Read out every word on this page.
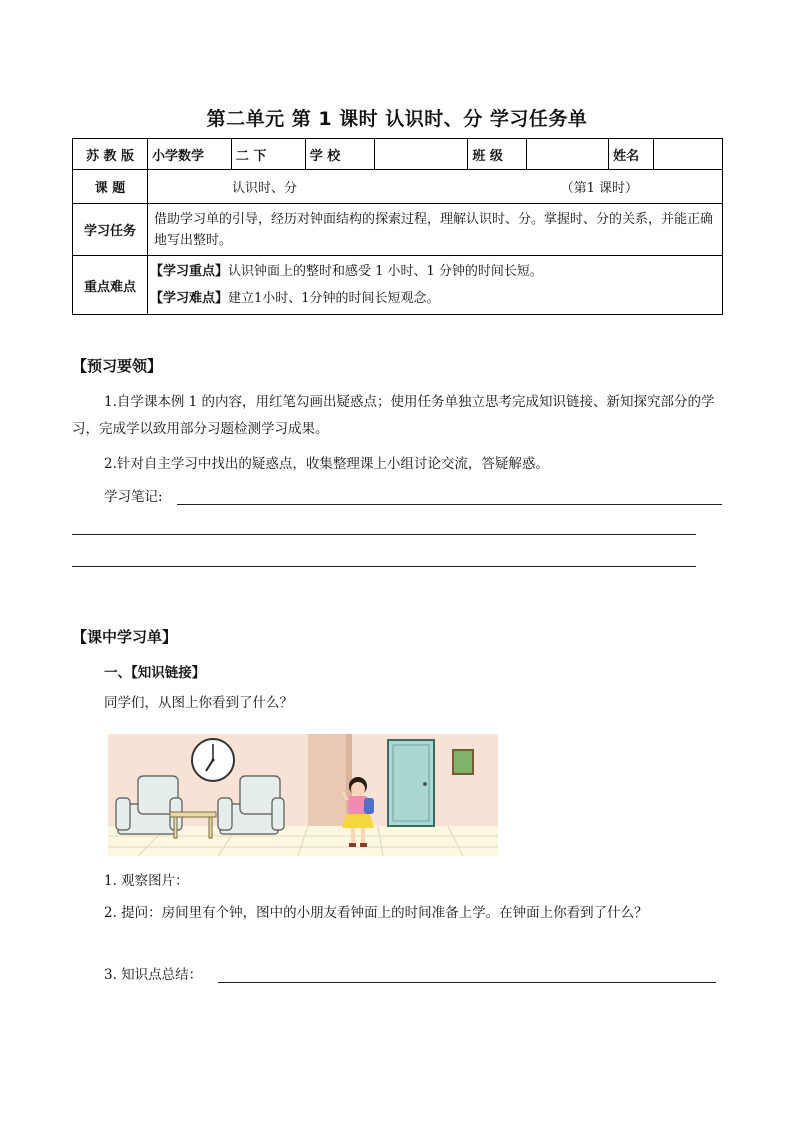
第二单元 第 1 课时 认识时、分 学习任务单
苏 教 版	小学数学	二 下	学 校		班 级		姓名	
课 题	认识时、分 （第1 课时）							

学习任务	借助学习单的引导，经历对钟面结构的探索过程，理解认识时、分。掌握时、分的关系，并能正确地写出整时。							
重点难点	【学习重点】认识钟面上的整时和感受 1 小时、1 分钟的时间长短。
【学习难点】建立1小时、1分钟的时间长短观念。							
【预习要领】
1.自学课本例 1 的内容，用红笔勾画出疑惑点；使用任务单独立思考完成知识链接、新知探究部分的学习，完成学以致用部分习题检测学习成果。
2.针对自主学习中找出的疑惑点，收集整理课上小组讨论交流，答疑解惑。
学习笔记:
【课中学习单】
一、【知识链接】
同学们，从图上你看到了什么？
1. 观察图片：
2. 提问：房间里有个钟，图中的小朋友看钟面上的时间准备上学。在钟面上你看到了什么？
3. 知识点总结：
